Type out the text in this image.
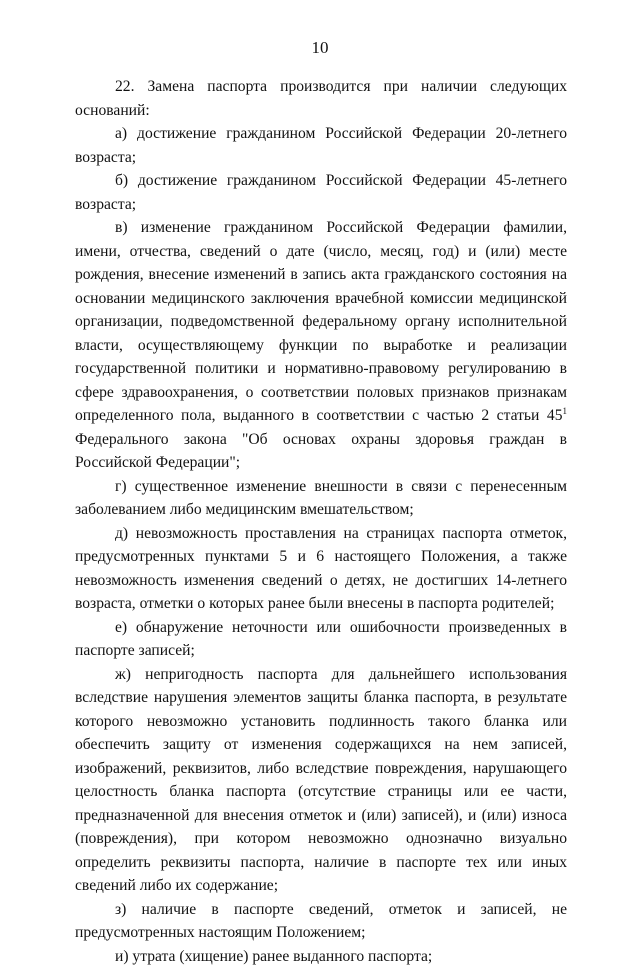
10

22. Замена паспорта производится при наличии следующих оснований:

а) достижение гражданином Российской Федерации 20-летнего возраста;

б) достижение гражданином Российской Федерации 45-летнего возраста;

в) изменение гражданином Российской Федерации фамилии, имени, отчества, сведений о дате (число, месяц, год) и (или) месте рождения, внесение изменений в запись акта гражданского состояния на основании медицинского заключения врачебной комиссии медицинской организации, подведомственной федеральному органу исполнительной власти, осуществляющему функции по выработке и реализации государственной политики и нормативно-правовому регулированию в сфере здравоохранения, о соответствии половых признаков признакам определенного пола, выданного в соответствии с частью 2 статьи $45^1$ Федерального закона "Об основах охраны здоровья граждан в Российской Федерации";

г) существенное изменение внешности в связи с перенесенным заболеванием либо медицинским вмешательством;

д) невозможность проставления на страницах паспорта отметок, предусмотренных пунктами 5 и 6 настоящего Положения, а также невозможность изменения сведений о детях, не достигших 14-летнего возраста, отметки о которых ранее были внесены в паспорта родителей;

е) обнаружение неточности или ошибочности произведенных в паспорте записей;

ж) непригодность паспорта для дальнейшего использования вследствие нарушения элементов защиты бланка паспорта, в результате которого невозможно установить подлинность такого бланка или обеспечить защиту от изменения содержащихся на нем записей, изображений, реквизитов, либо вследствие повреждения, нарушающего целостность бланка паспорта (отсутствие страницы или ее части, предназначенной для внесения отметок и (или) записей), и (или) износа (повреждения), при котором невозможно однозначно визуально определить реквизиты паспорта, наличие в паспорте тех или иных сведений либо их содержание;

з) наличие в паспорте сведений, отметок и записей, не предусмотренных настоящим Положением;

и) утрата (хищение) ранее выданного паспорта;
